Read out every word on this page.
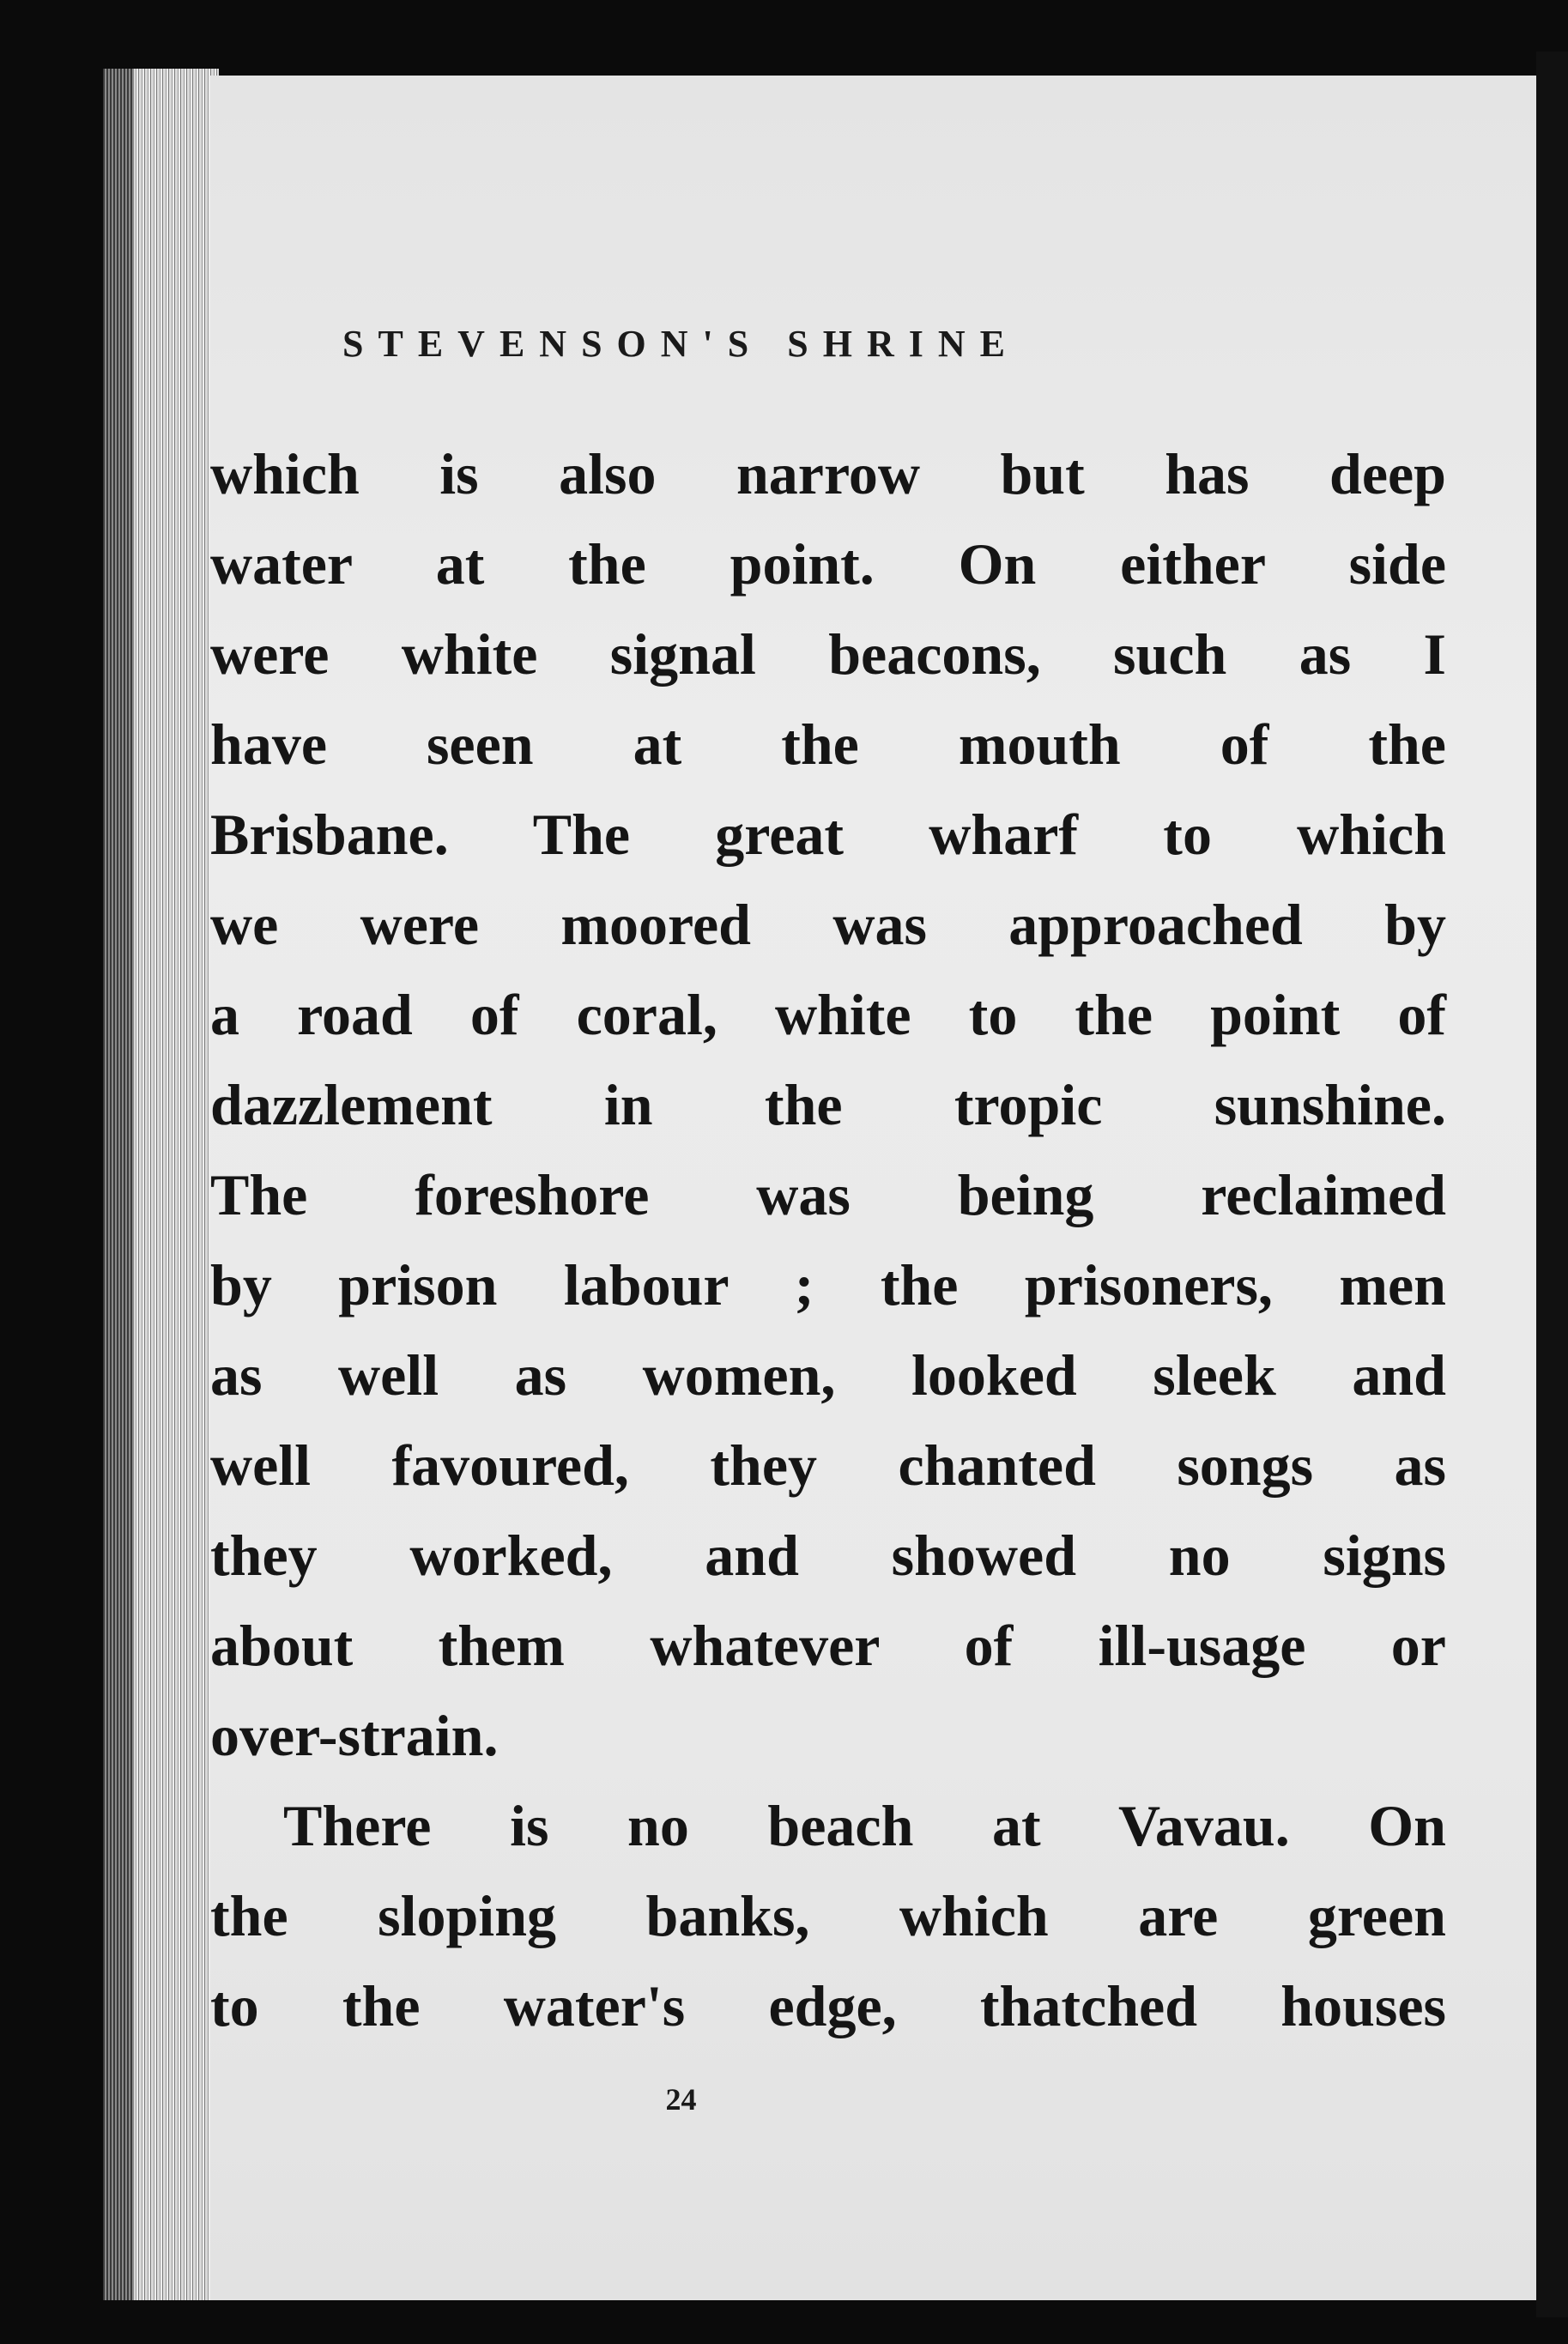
STEVENSON'S SHRINE
which is also narrow but has deep
water at the point. On either side
were white signal beacons, such as I
have seen at the mouth of the
Brisbane. The great wharf to which
we were moored was approached by
a road of coral, white to the point of
dazzlement in the tropic sunshine.
The foreshore was being reclaimed
by prison labour ; the prisoners, men
as well as women, looked sleek and
well favoured, they chanted songs as
they worked, and showed no signs
about them whatever of ill-usage or
over-strain.
There is no beach at Vavau. On
the sloping banks, which are green
to the water's edge, thatched houses
24
